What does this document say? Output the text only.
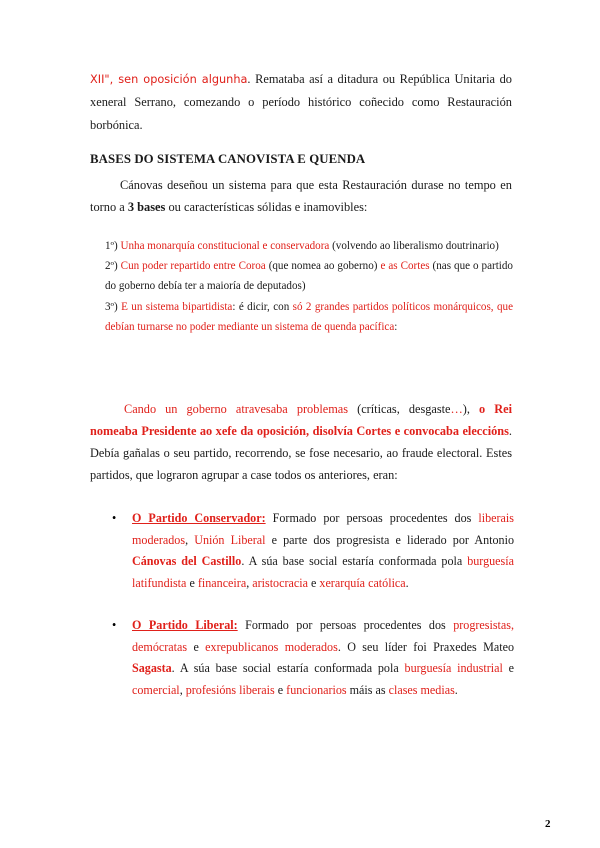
XII", sen oposición algunha. Remataba así a ditadura ou República Unitaria do xeneral Serrano, comezando o período histórico coñecido como Restauración borbónica.

BASES DO SISTEMA CANOVISTA E QUENDA

Cánovas deseñou un sistema para que esta Restauración durase no tempo en torno a 3 bases ou características sólidas e inamovibles:

1º) Unha monarquía constitucional e conservadora (volvendo ao liberalismo doutrinario)

2º) Cun poder repartido entre Coroa (que nomea ao goberno) e as Cortes (nas que o partido do goberno debía ter a maioría de deputados)

3º) E un sistema bipartidista: é dicir, con só 2 grandes partidos políticos monárquicos, que debían turnarse no poder mediante un sistema de quenda pacífica:

Cando un goberno atravesaba problemas (críticas, desgaste…), o Rei nomeaba Presidente ao xefe da oposición, disolvía Cortes e convocaba eleccións. Debía gañalas o seu partido, recorrendo, se fose necesario, ao fraude electoral. Estes partidos, que lograron agrupar a case todos os anteriores, eran:

• O Partido Conservador: Formado por persoas procedentes dos liberais moderados, Unión Liberal e parte dos progresista e liderado por Antonio Cánovas del Castillo. A súa base social estaría conformada pola burguesía latifundista e financeira, aristocracia e xerarquía católica.

• O Partido Liberal: Formado por persoas procedentes dos progresistas, demócratas e exrepublicanos moderados. O seu líder foi Praxedes Mateo Sagasta. A súa base social estaría conformada pola burguesía industrial e comercial, profesións liberais e funcionarios máis as clases medias.

2
